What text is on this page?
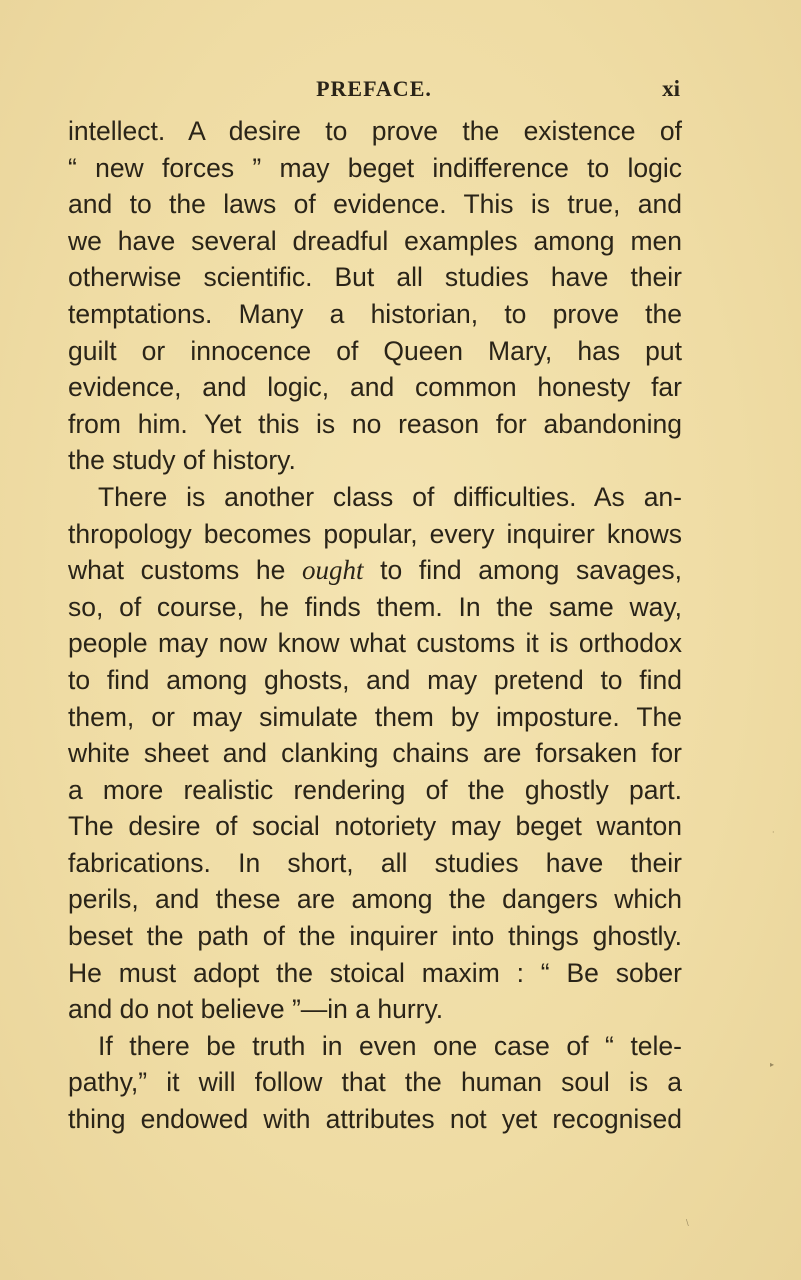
PREFACE.	xi
intellect. A desire to prove the existence of
“ new forces ” may beget indifference to logic
and to the laws of evidence. This is true, and
we have several dreadful examples among men
otherwise scientific. But all studies have their
temptations. Many a historian, to prove the
guilt or innocence of Queen Mary, has put
evidence, and logic, and common honesty far
from him. Yet this is no reason for abandoning
the study of history.
There is another class of difficulties. As an-
thropology becomes popular, every inquirer knows
what customs he ought to find among savages,
so, of course, he finds them. In the same way,
people may now know what customs it is orthodox
to find among ghosts, and may pretend to find
them, or may simulate them by imposture. The
white sheet and clanking chains are forsaken for
a more realistic rendering of the ghostly part.
The desire of social notoriety may beget wanton
fabrications. In short, all studies have their
perils, and these are among the dangers which
beset the path of the inquirer into things ghostly.
He must adopt the stoical maxim : “ Be sober
and do not believe ”—in a hurry.
If there be truth in even one case of “ tele-
pathy,” it will follow that the human soul is a
thing endowed with attributes not yet recognised
·
▸
\
